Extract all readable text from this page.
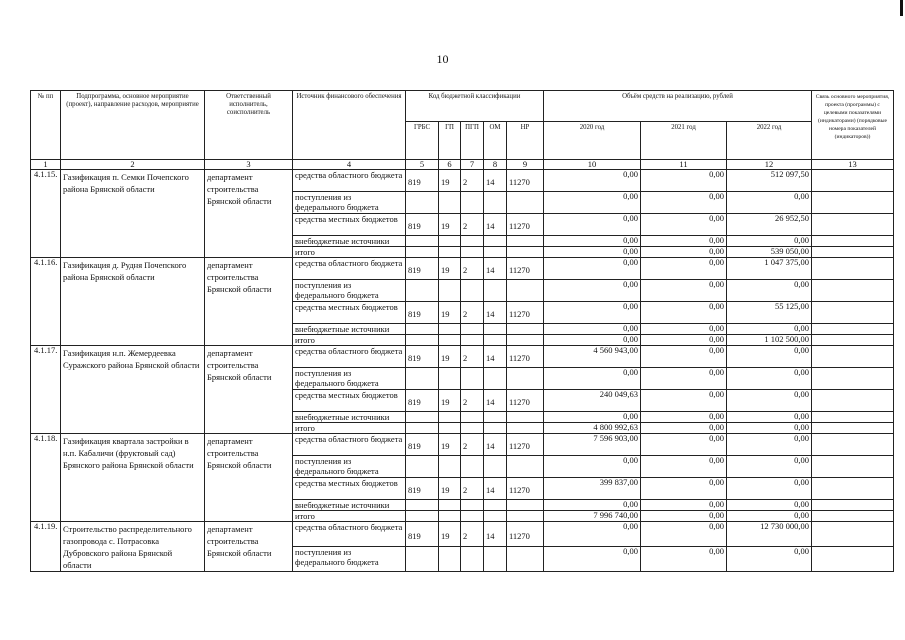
10
№ пп	Подпрограмма, основное мероприятие (проект), направление расходов, мероприятие	Ответственный исполнитель, соисполнитель	Источник финансового обеспечения	Код бюджетной классификации					Объём средств на реализацию, рублей			Связь основного мероприятия, проекта (программы) с целевыми показателями (индикаторами) (порядковые номера показателей (индикаторов))
				ГРБС	ГП	ПГП	ОМ	НР	2020 год	2021 год	2022 год	
1	2	3	4	5	6	7	8	9	10	11	12	13
4.1.15.	Газификация п. Семки Почепского района Брянской области	департамент строительства Брянской области	средства областного бюджета	819	19	2	14	11270	0,00	0,00	512 097,50	
			поступления из федерального бюджета						0,00	0,00	0,00	
			средства местных бюджетов	819	19	2	14	11270	0,00	0,00	26 952,50	
			внебюджетные источники						0,00	0,00	0,00	
			итого						0,00	0,00	539 050,00	
4.1.16.	Газификация д. Рудня Почепского района Брянской области	департамент строительства Брянской области	средства областного бюджета	819	19	2	14	11270	0,00	0,00	1 047 375,00	
			поступления из федерального бюджета						0,00	0,00	0,00	
			средства местных бюджетов	819	19	2	14	11270	0,00	0,00	55 125,00	
			внебюджетные источники						0,00	0,00	0,00	
			итого						0,00	0,00	1 102 500,00	
4.1.17.	Газификация н.п. Жемердеевка Суражского района Брянской области	департамент строительства Брянской области	средства областного бюджета	819	19	2	14	11270	4 560 943,00	0,00	0,00	
			поступления из федерального бюджета						0,00	0,00	0,00	
			средства местных бюджетов	819	19	2	14	11270	240 049,63	0,00	0,00	
			внебюджетные источники						0,00	0,00	0,00	
			итого						4 800 992,63	0,00	0,00	
4.1.18.	Газификация квартала застройки в н.п. Кабаличи (фруктовый сад) Брянского района Брянской области	департамент строительства Брянской области	средства областного бюджета	819	19	2	14	11270	7 596 903,00	0,00	0,00	
			поступления из федерального бюджета						0,00	0,00	0,00	
			средства местных бюджетов	819	19	2	14	11270	399 837,00	0,00	0,00	
			внебюджетные источники						0,00	0,00	0,00	
			итого						7 996 740,00	0,00	0,00	
4.1.19.	Строительство распределительного газопровода с. Потрасовка Дубровского района Брянской области	департамент строительства Брянской области	средства областного бюджета	819	19	2	14	11270	0,00	0,00	12 730 000,00	
			поступления из федерального бюджета						0,00	0,00	0,00	
